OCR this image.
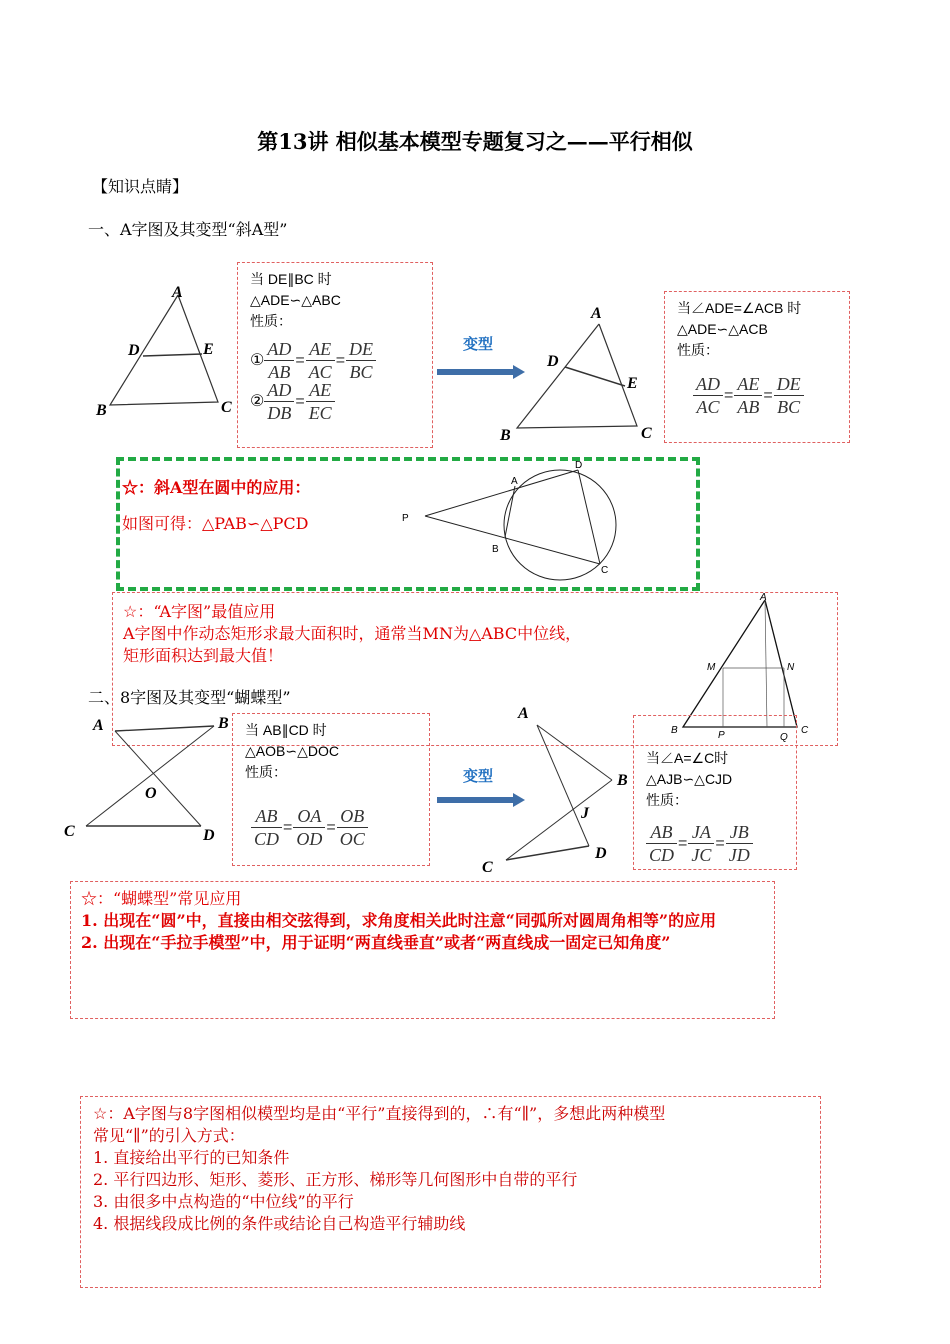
第13讲 相似基本模型专题复习之——平行相似
【知识点睛】
一、A字图及其变型“斜A型”
A
B	C
D	E
当 DE∥BC 时
△ADE∽△ABC
性质：
① $\frac{AD}{AB} = \frac{AE}{AC} = \frac{DE}{BC}$
② $\frac{AD}{DB} = \frac{AE}{EC}$
变型
A
B	C
D
E
当∠ADE=∠ACB 时
△ADE∽△ACB
性质：
$\frac{AD}{AC} = \frac{AE}{AB} = \frac{DE}{BC}$
☆：斜A型在圆中的应用：
如图可得：△PAB∽△PCD	P
A
B
C
D
☆：“A字图”最值应用
A字图中作动态矩形求最大面积时，通常当MN为△ABC中位线，
矩形面积达到最大值！
A
B	C
M	N
P	Q
二、8字图及其变型“蝴蝶型”
A	B
C	D
O
当 AB∥CD 时
△AOB∽△DOC
性质：
$\frac{AB}{CD} = \frac{OA}{OD} = \frac{OB}{OC}$
变型
A
B
C
D
J
当∠A=∠C时
△AJB∽△CJD
性质：
$\frac{AB}{CD} = \frac{JA}{JC} = \frac{JB}{JD}$
☆：“蝴蝶型”常见应用
1. 出现在“圆”中，直接由相交弦得到，求角度相关此时注意“同弧所对圆周角相等”的应用
2. 出现在“手拉手模型”中，用于证明“两直线垂直”或者“两直线成一固定已知角度”
☆：A字图与8字图相似模型均是由“平行”直接得到的，∴有“∥”，多想此两种模型
常见“∥”的引入方式：
1. 直接给出平行的已知条件
2. 平行四边形、矩形、菱形、正方形、梯形等几何图形中自带的平行
3. 由很多中点构造的“中位线”的平行
4. 根据线段成比例的条件或结论自己构造平行辅助线
